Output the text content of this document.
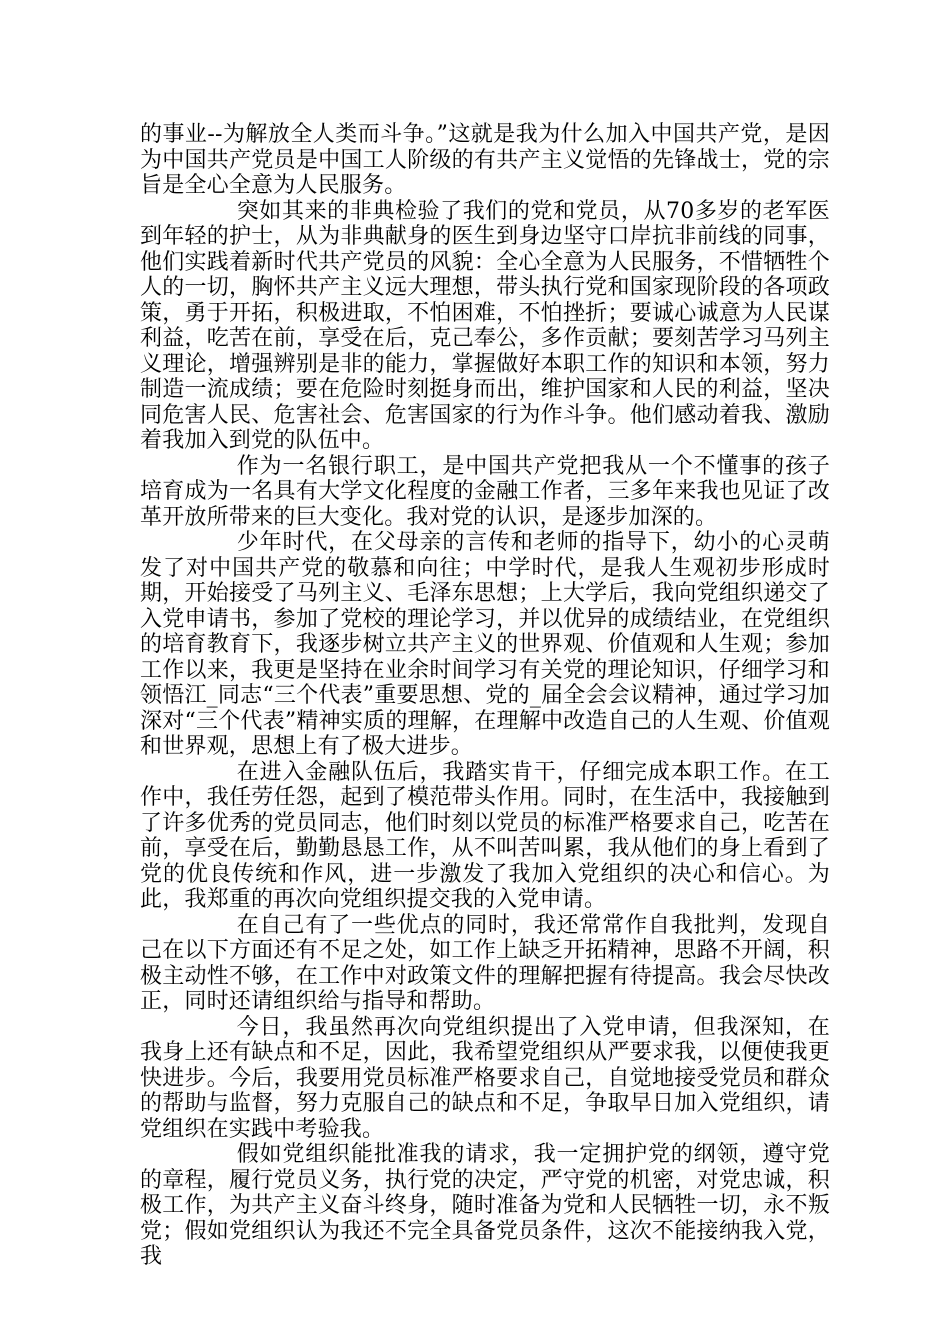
的事业--为解放全人类而斗争。”这就是我为什么加入中国共产党，是因为中国共产党员是中国工人阶级的有共产主义觉悟的先锋战士，党的宗旨是全心全意为人民服务。

突如其来的非典检验了我们的党和党员，从70多岁的老军医到年轻的护士，从为非典献身的医生到身边坚守口岸抗非前线的同事，他们实践着新时代共产党员的风貌：全心全意为人民服务，不惜牺牲个人的一切，胸怀共产主义远大理想，带头执行党和国家现阶段的各项政策，勇于开拓，积极进取，不怕困难，不怕挫折；要诚心诚意为人民谋利益，吃苦在前，享受在后，克己奉公，多作贡献；要刻苦学习马列主义理论，增强辨别是非的能力，掌握做好本职工作的知识和本领，努力制造一流成绩；要在危险时刻挺身而出，维护国家和人民的利益，坚决同危害人民、危害社会、危害国家的行为作斗争。他们感动着我、激励着我加入到党的队伍中。

作为一名银行职工，是中国共产党把我从一个不懂事的孩子培育成为一名具有大学文化程度的金融工作者，三多年来我也见证了改革开放所带来的巨大变化。我对党的认识，是逐步加深的。

少年时代，在父母亲的言传和老师的指导下，幼小的心灵萌发了对中国共产党的敬慕和向往；中学时代，是我人生观初步形成时期，开始接受了马列主义、毛泽东思想；上大学后，我向党组织递交了入党申请书，参加了党校的理论学习，并以优异的成绩结业，在党组织的培育教育下，我逐步树立共产主义的世界观、价值观和人生观；参加工作以来，我更是坚持在业余时间学习有关党的理论知识，仔细学习和领悟江_同志“三个代表”重要思想、党的_届全会会议精神，通过学习加深对“三个代表”精神实质的理解，在理解中改造自己的人生观、价值观和世界观，思想上有了极大进步。

在进入金融队伍后，我踏实肯干，仔细完成本职工作。在工作中，我任劳任怨，起到了模范带头作用。同时，在生活中，我接触到了许多优秀的党员同志，他们时刻以党员的标准严格要求自己，吃苦在前，享受在后，勤勤恳恳工作，从不叫苦叫累，我从他们的身上看到了党的优良传统和作风，进一步激发了我加入党组织的决心和信心。为此，我郑重的再次向党组织提交我的入党申请。

在自己有了一些优点的同时，我还常常作自我批判，发现自己在以下方面还有不足之处，如工作上缺乏开拓精神，思路不开阔，积极主动性不够，在工作中对政策文件的理解把握有待提高。我会尽快改正，同时还请组织给与指导和帮助。

今日，我虽然再次向党组织提出了入党申请，但我深知，在我身上还有缺点和不足，因此，我希望党组织从严要求我，以便使我更快进步。今后，我要用党员标准严格要求自己，自觉地接受党员和群众的帮助与监督，努力克服自己的缺点和不足，争取早日加入党组织，请党组织在实践中考验我。

假如党组织能批准我的请求，我一定拥护党的纲领，遵守党的章程，履行党员义务，执行党的决定，严守党的机密，对党忠诚，积极工作，为共产主义奋斗终身，随时准备为党和人民牺牲一切，永不叛党；假如党组织认为我还不完全具备党员条件，这次不能接纳我入党，我
